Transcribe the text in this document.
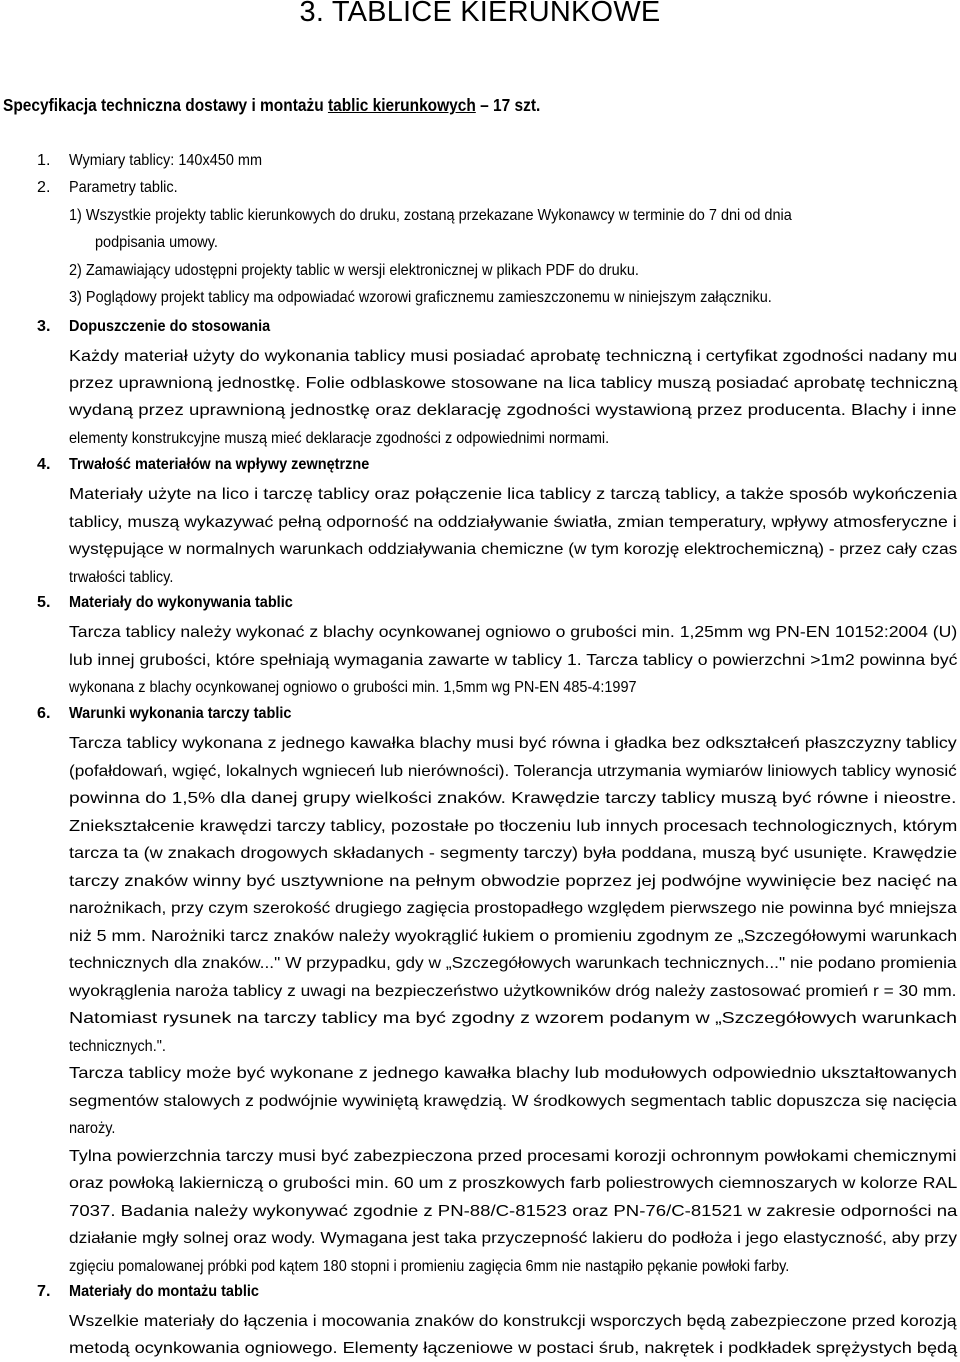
3. TABLICE KIERUNKOWE
Specyfikacja techniczna dostawy i montażu tablic kierunkowych – 17 szt.
1. Wymiary tablicy: 140x450 mm
2. Parametry tablic.
1) Wszystkie projekty tablic kierunkowych do druku, zostaną przekazane Wykonawcy w terminie do 7 dni od dnia
podpisania umowy.
2) Zamawiający udostępni projekty tablic w wersji elektronicznej w plikach PDF do druku.
3) Poglądowy projekt tablicy ma odpowiadać wzorowi graficznemu zamieszczonemu w niniejszym załączniku.
3. Dopuszczenie do stosowania
Każdy materiał użyty do wykonania tablicy musi posiadać aprobatę techniczną i certyfikat zgodności nadany mu
przez uprawnioną jednostkę. Folie odblaskowe stosowane na lica tablicy muszą posiadać aprobatę techniczną
wydaną przez uprawnioną jednostkę oraz deklarację zgodności wystawioną przez producenta. Blachy i inne
elementy konstrukcyjne muszą mieć deklaracje zgodności z odpowiednimi normami.
4. Trwałość materiałów na wpływy zewnętrzne
Materiały użyte na lico i tarczę tablicy oraz połączenie lica tablicy z tarczą tablicy, a także sposób wykończenia
tablicy, muszą wykazywać pełną odporność na oddziaływanie światła, zmian temperatury, wpływy atmosferyczne i
występujące w normalnych warunkach oddziaływania chemiczne (w tym korozję elektrochemiczną) - przez cały czas
trwałości tablicy.
5. Materiały do wykonywania tablic
Tarcza tablicy należy wykonać z blachy ocynkowanej ogniowo o grubości min. 1,25mm wg PN-EN 10152:2004 (U)
lub innej grubości, które spełniają wymagania zawarte w tablicy 1. Tarcza tablicy o powierzchni >1m2 powinna być
wykonana z blachy ocynkowanej ogniowo o grubości min. 1,5mm wg PN-EN 485-4:1997
6. Warunki wykonania tarczy tablic
Tarcza tablicy wykonana z jednego kawałka blachy musi być równa i gładka bez odkształceń płaszczyzny tablicy
(pofałdowań, wgięć, lokalnych wgnieceń lub nierówności). Tolerancja utrzymania wymiarów liniowych tablicy wynosić
powinna do 1,5% dla danej grupy wielkości znaków. Krawędzie tarczy tablicy muszą być równe i nieostre.
Zniekształcenie krawędzi tarczy tablicy, pozostałe po tłoczeniu lub innych procesach technologicznych, którym
tarcza ta (w znakach drogowych składanych - segmenty tarczy) była poddana, muszą być usunięte. Krawędzie
tarczy znaków winny być usztywnione na pełnym obwodzie poprzez jej podwójne wywinięcie bez nacięć na
narożnikach, przy czym szerokość drugiego zagięcia prostopadłego względem pierwszego nie powinna być mniejsza
niż 5 mm. Narożniki tarcz znaków należy wyokrąglić łukiem o promieniu zgodnym ze „Szczegółowymi warunkach
technicznych dla znaków..." W przypadku, gdy w „Szczegółowych warunkach technicznych..." nie podano promienia
wyokrąglenia naroża tablicy z uwagi na bezpieczeństwo użytkowników dróg należy zastosować promień r = 30 mm.
Natomiast rysunek na tarczy tablicy ma być zgodny z wzorem podanym w „Szczegółowych warunkach
technicznych.".
Tarcza tablicy może być wykonane z jednego kawałka blachy lub modułowych odpowiednio ukształtowanych
segmentów stalowych z podwójnie wywiniętą krawędzią. W środkowych segmentach tablic dopuszcza się nacięcia
naroży.
Tylna powierzchnia tarczy musi być zabezpieczona przed procesami korozji ochronnym powłokami chemicznymi
oraz powłoką lakierniczą o grubości min. 60 um z proszkowych farb poliestrowych ciemnoszarych w kolorze RAL
7037. Badania należy wykonywać zgodnie z PN-88/C-81523 oraz PN-76/C-81521 w zakresie odporności na
działanie mgły solnej oraz wody. Wymagana jest taka przyczepność lakieru do podłoża i jego elastyczność, aby przy
zgięciu pomalowanej próbki pod kątem 180 stopni i promieniu zagięcia 6mm nie nastąpiło pękanie powłoki farby.
7. Materiały do montażu tablic
Wszelkie materiały do łączenia i mocowania znaków do konstrukcji wsporczych będą zabezpieczone przed korozją
metodą ocynkowania ogniowego. Elementy łączeniowe w postaci śrub, nakrętek i podkładek sprężystych będą
